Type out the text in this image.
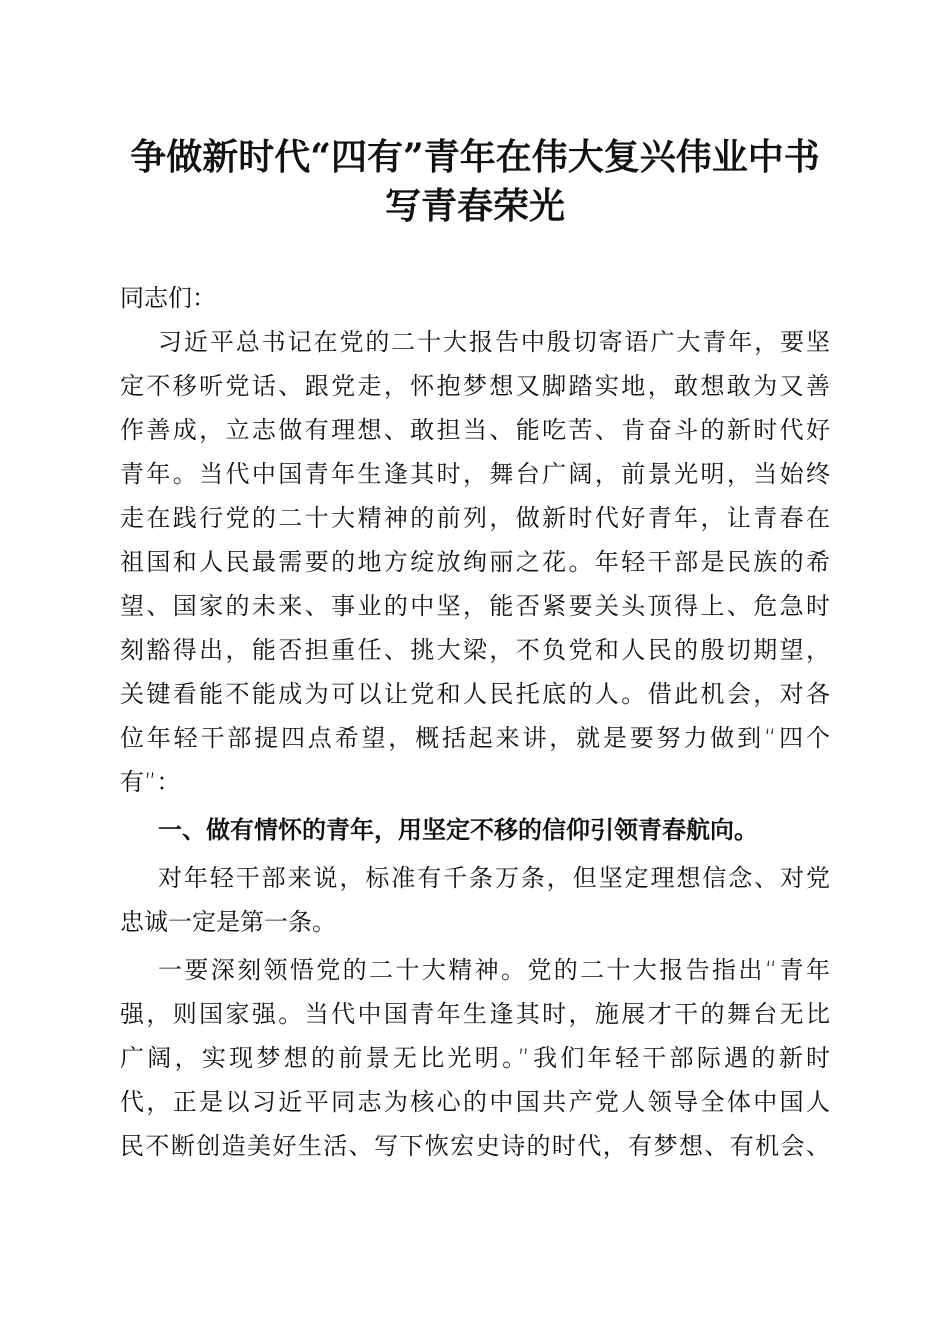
争做新时代“四有”青年在伟大复兴伟业中书
写青春荣光
同志们：
习近平总书记在党的二十大报告中殷切寄语广大青年，要坚
定不移听党话、跟党走，怀抱梦想又脚踏实地，敢想敢为又善
作善成，立志做有理想、敢担当、能吃苦、肯奋斗的新时代好
青年。当代中国青年生逢其时，舞台广阔，前景光明，当始终
走在践行党的二十大精神的前列，做新时代好青年，让青春在
祖国和人民最需要的地方绽放绚丽之花。年轻干部是民族的希
望、国家的未来、事业的中坚，能否紧要关头顶得上、危急时
刻豁得出，能否担重任、挑大梁，不负党和人民的殷切期望，
关键看能不能成为可以让党和人民托底的人。借此机会，对各
位年轻干部提四点希望，概括起来讲，就是要努力做到“四个
有”：
一、做有情怀的青年，用坚定不移的信仰引领青春航向。
对年轻干部来说，标准有千条万条，但坚定理想信念、对党
忠诚一定是第一条。
一要深刻领悟党的二十大精神。党的二十大报告指出“青年
强，则国家强。当代中国青年生逢其时，施展才干的舞台无比
广阔，实现梦想的前景无比光明。”我们年轻干部际遇的新时
代，正是以习近平同志为核心的中国共产党人领导全体中国人
民不断创造美好生活、写下恢宏史诗的时代，有梦想、有机会、
